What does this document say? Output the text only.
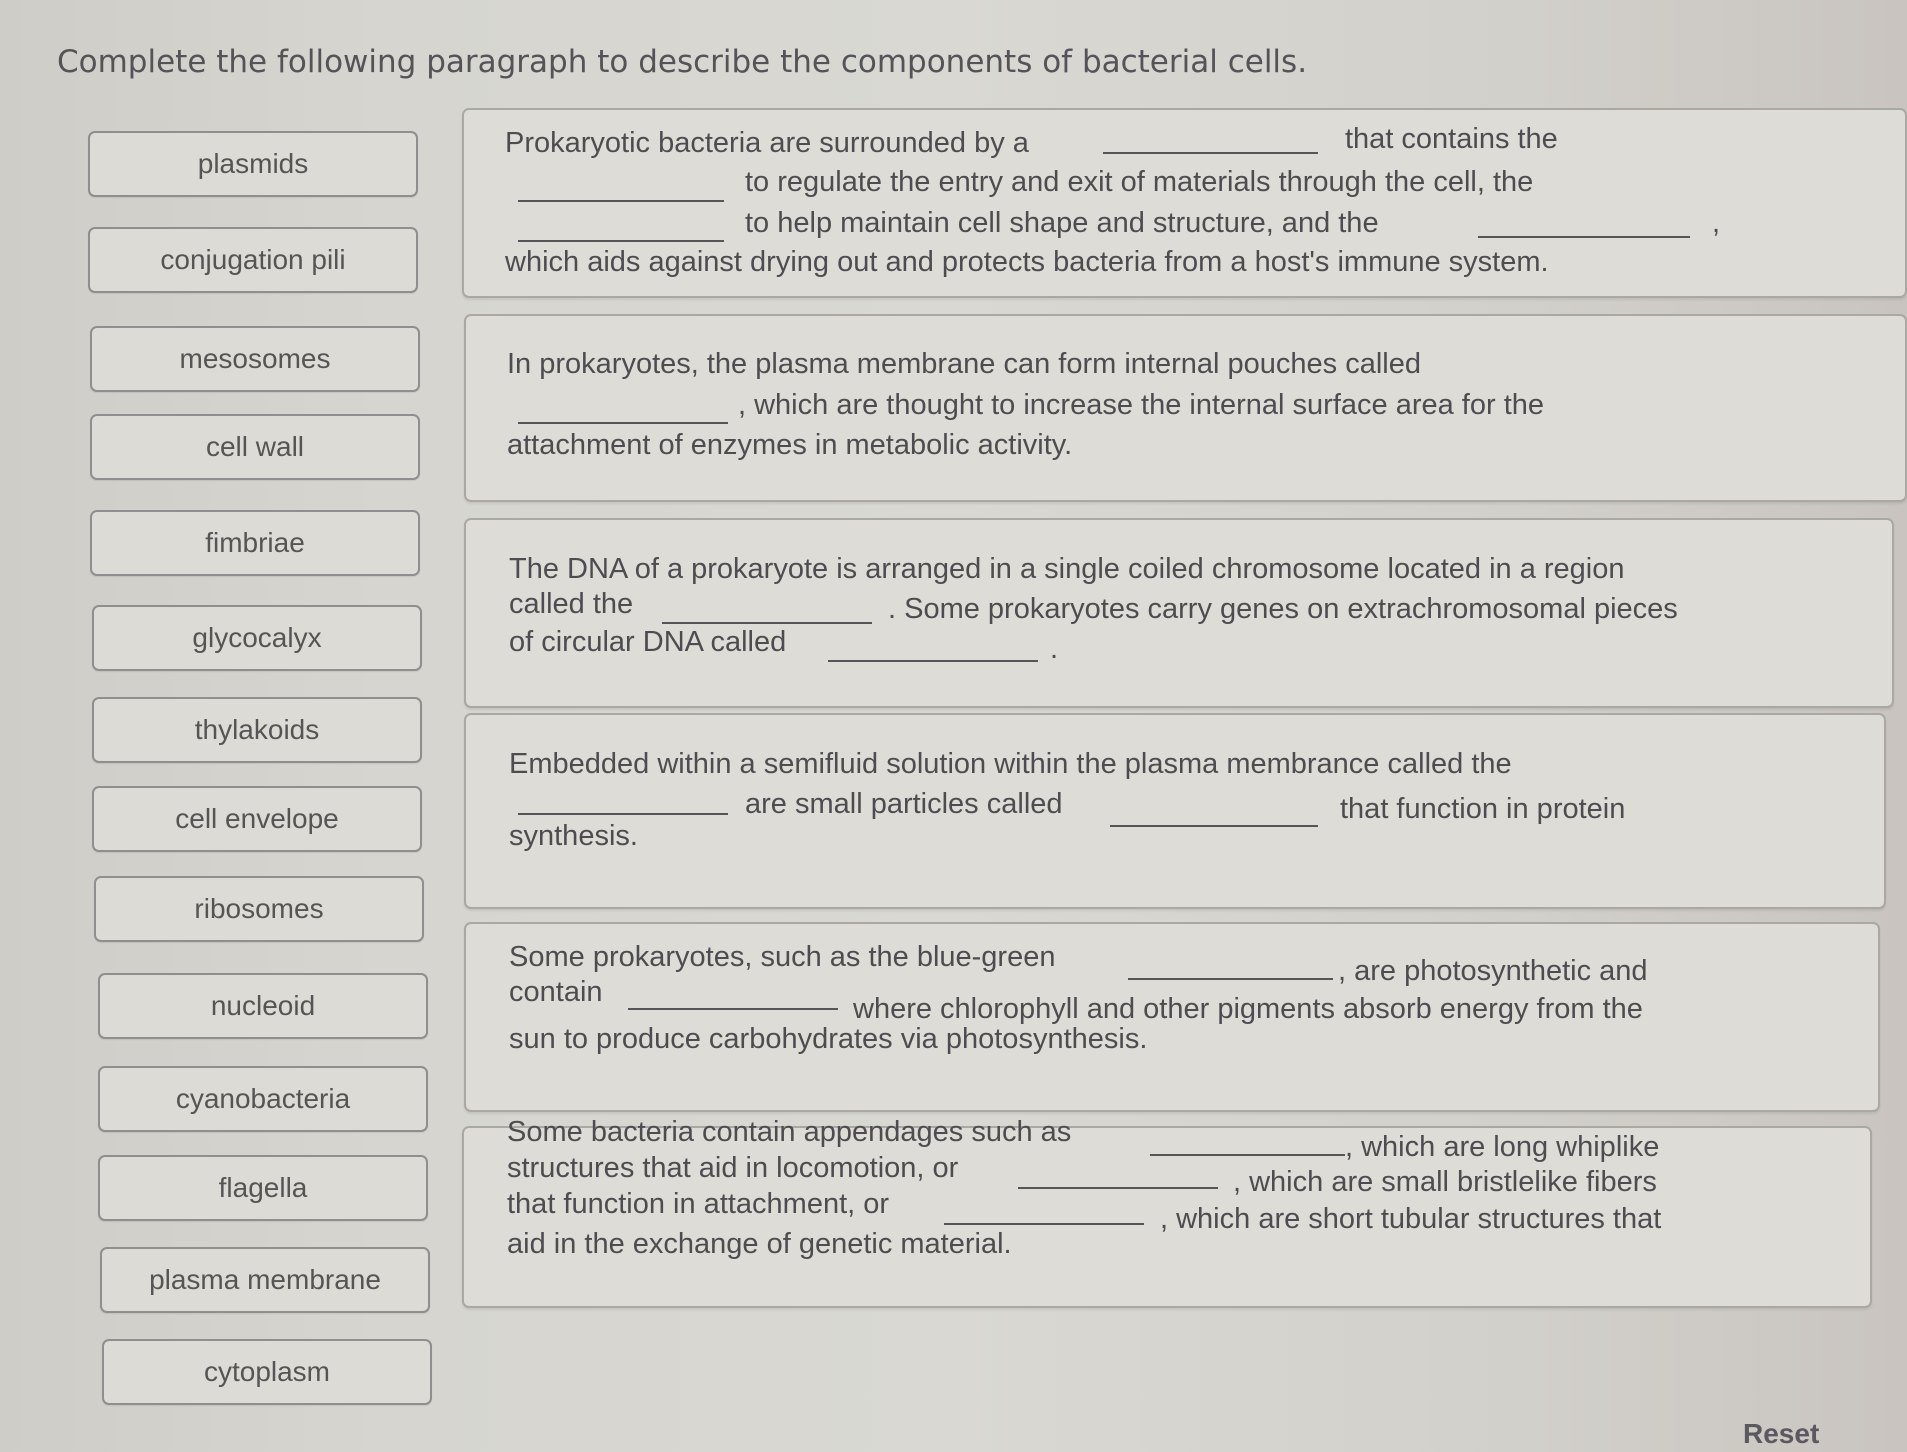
Complete the following paragraph to describe the components of bacterial cells.
plasmids
conjugation pili
mesosomes
cell wall
fimbriae
glycocalyx
thylakoids
cell envelope
ribosomes
nucleoid
cyanobacteria
flagella
plasma membrane
cytoplasm
Prokaryotic bacteria are surrounded by a	that contains the
to regulate the entry and exit of materials through the cell, the
to help maintain cell shape and structure, and the	,
which aids against drying out and protects bacteria from a host's immune system.
In prokaryotes, the plasma membrane can form internal pouches called
, which are thought to increase the internal surface area for the
attachment of enzymes in metabolic activity.
The DNA of a prokaryote is arranged in a single coiled chromosome located in a region
called the	. Some prokaryotes carry genes on extrachromosomal pieces
of circular DNA called	.
Embedded within a semifluid solution within the plasma membrance called the
are small particles called	that function in protein
synthesis.
Some prokaryotes, such as the blue-green	, are photosynthetic and
contain
where chlorophyll and other pigments absorb energy from the
sun to produce carbohydrates via photosynthesis.
Some bacteria contain appendages such as	, which are long whiplike
structures that aid in locomotion, or	, which are small bristlelike fibers
that function in attachment, or	, which are short tubular structures that
aid in the exchange of genetic material.
Reset
